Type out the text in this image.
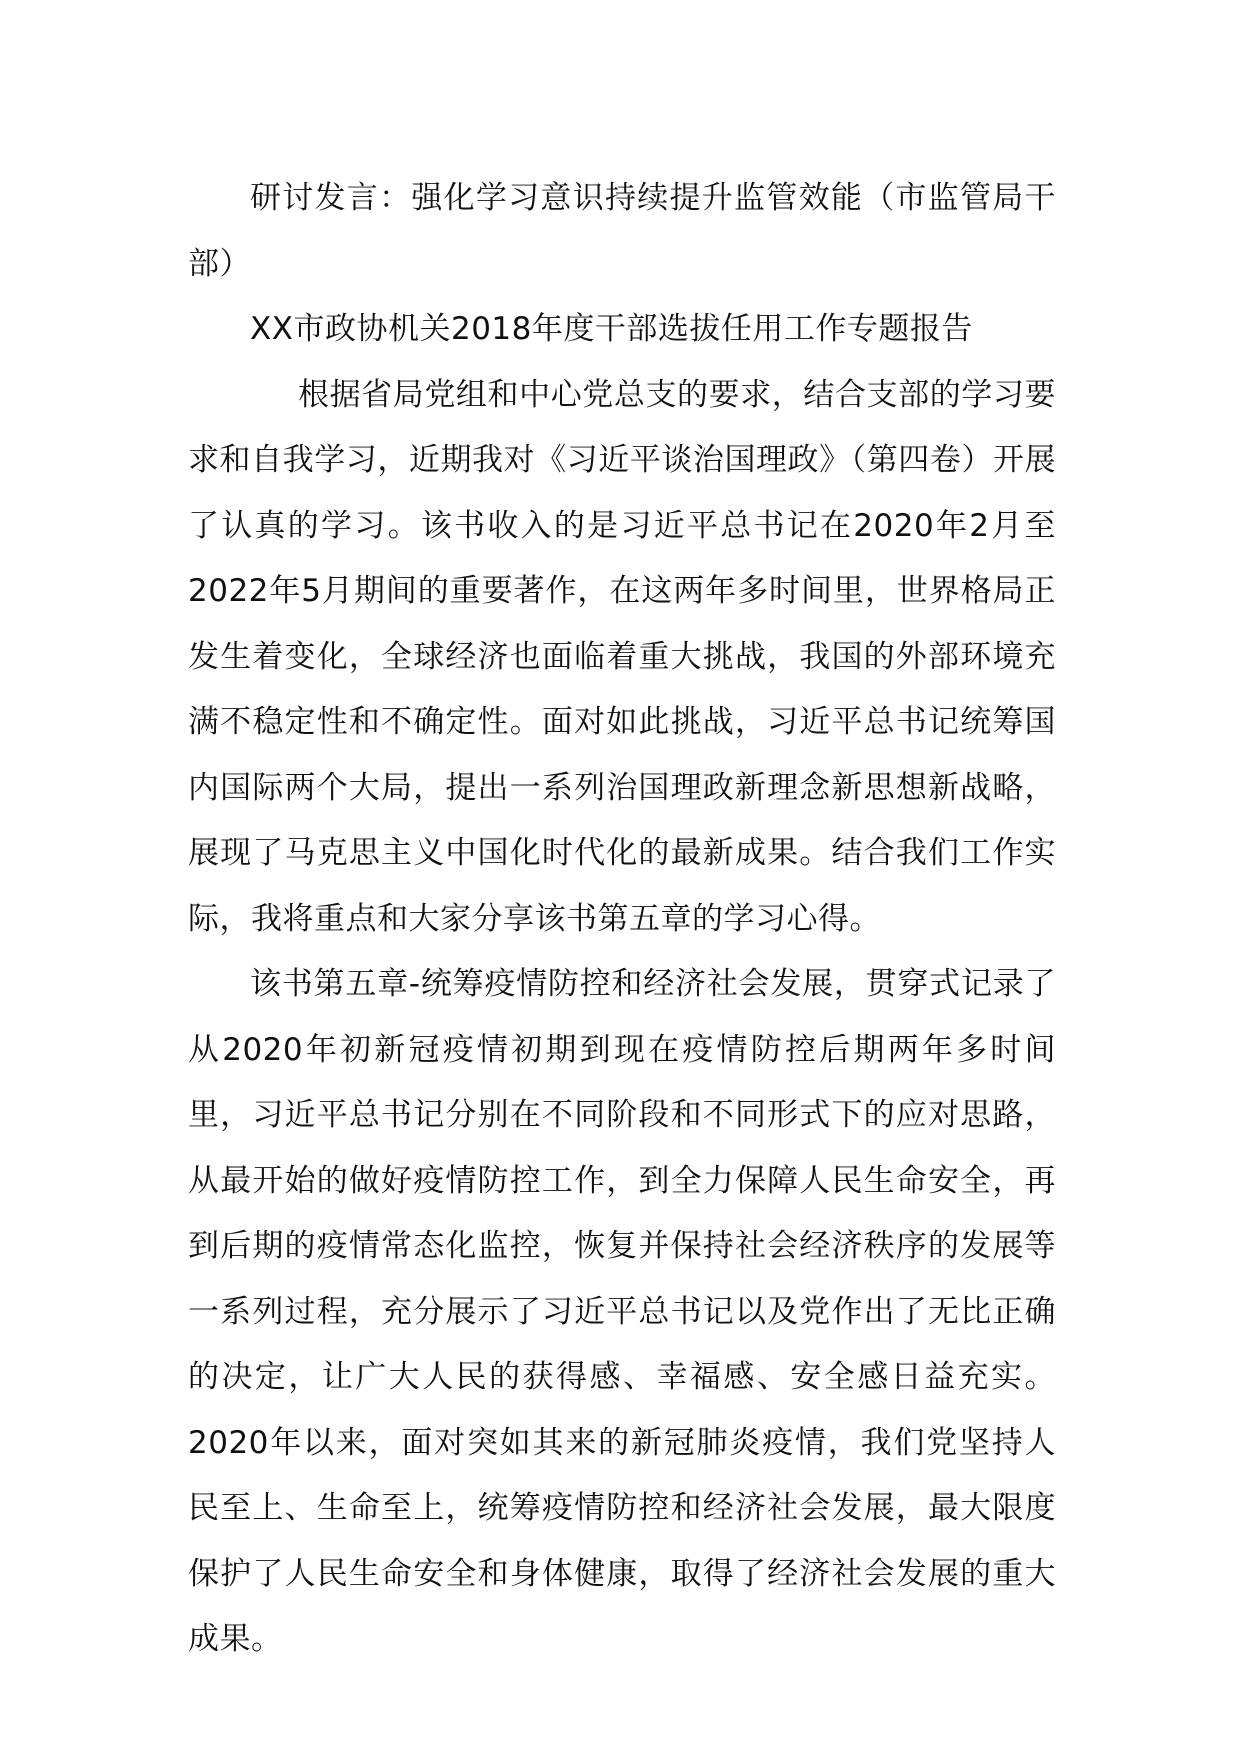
研讨发言：强化学习意识持续提升监管效能（市监管局干部）

XX市政协机关2018年度干部选拔任用工作专题报告

根据省局党组和中心党总支的要求，结合支部的学习要求和自我学习，近期我对《习近平谈治国理政》（第四卷）开展了认真的学习。该书收入的是习近平总书记在2020年2月至2022年5月期间的重要著作，在这两年多时间里，世界格局正发生着变化，全球经济也面临着重大挑战，我国的外部环境充满不稳定性和不确定性。面对如此挑战，习近平总书记统筹国内国际两个大局，提出一系列治国理政新理念新思想新战略，展现了马克思主义中国化时代化的最新成果。结合我们工作实际，我将重点和大家分享该书第五章的学习心得。

该书第五章-统筹疫情防控和经济社会发展，贯穿式记录了从2020年初新冠疫情初期到现在疫情防控后期两年多时间里，习近平总书记分别在不同阶段和不同形式下的应对思路，从最开始的做好疫情防控工作，到全力保障人民生命安全，再到后期的疫情常态化监控，恢复并保持社会经济秩序的发展等一系列过程，充分展示了习近平总书记以及党作出了无比正确的决定，让广大人民的获得感、幸福感、安全感日益充实。2020年以来，面对突如其来的新冠肺炎疫情，我们党坚持人民至上、生命至上，统筹疫情防控和经济社会发展，最大限度保护了人民生命安全和身体健康，取得了经济社会发展的重大成果。
